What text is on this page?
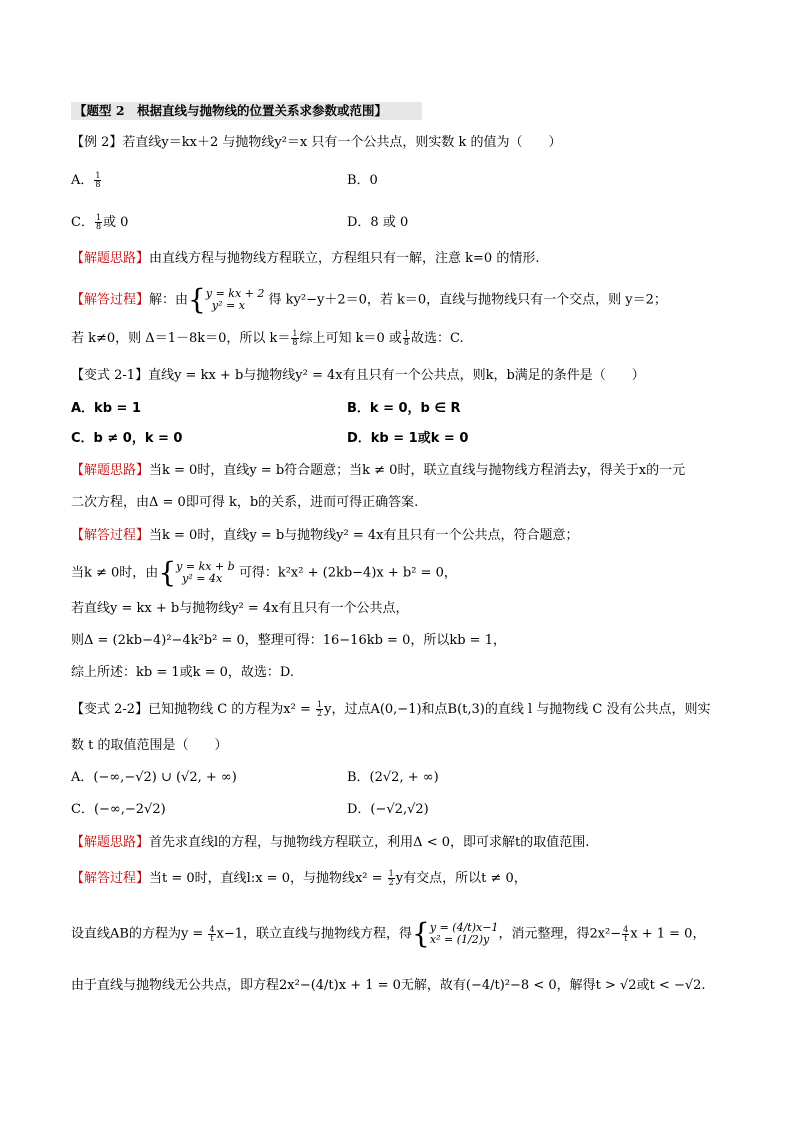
【题型 2　根据直线与抛物线的位置关系求参数或范围】
【例 2】若直线y＝kx＋2 与抛物线y²＝x 只有一个公共点，则实数 k 的值为（　　）
A． $\frac{1}{8}$	B．0
C． $\frac{1}{8}$ 或 0	D．8 或 0
【解题思路】由直线方程与抛物线方程联立，方程组只有一解，注意 k=0 的情形.
【解答过程】解：由{ y = kx + 2
y² = x	得 ky²−y＋2＝0，若 k＝0，直线与抛物线只有一个交点，则 y＝2；
若 k≠0，则 Δ＝1－8k＝0，所以 $k= \frac{1}{8}$ 综上可知 k＝0 或 $\frac{1}{8}$ 故选：C.
【变式 2-1】直线y = kx + b与抛物线y² = 4x有且只有一个公共点，则k，b满足的条件是（　　）
A．kb = 1	B．k = 0，b ∈ R
C．b ≠ 0，k = 0	D．kb = 1或k = 0
【解题思路】当k = 0时，直线y = b符合题意；当k ≠ 0时，联立直线与抛物线方程消去y，得关于x的一元
二次方程，由Δ = 0即可得 k，b的关系，进而可得正确答案.
【解答过程】当k = 0时，直线y = b与抛物线y² = 4x有且只有一个公共点，符合题意；
当k ≠ 0时，由{ y = kx + b
y² = 4x	可得：k²x² + (2kb−4)x + b² = 0，
若直线y = kx + b与抛物线y² = 4x有且只有一个公共点，
则Δ = (2kb−4)²−4k²b² = 0，整理可得：16−16kb = 0，所以kb = 1，
综上所述：kb = 1或k = 0，故选：D.
【变式 2-2】已知抛物线 C 的方程为$x^2 = \frac{1}{2}$ y，过点A(0,−1)和点B(t,3)的直线 l 与抛物线 C 没有公共点，则实
数 t 的取值范围是（　　）
A．(−∞,−√2) ∪ (√2, + ∞)	B．(2√2, + ∞)
C．(−∞,−2√2)	D．(−√2,√2)
【解题思路】首先求直线l的方程，与抛物线方程联立，利用Δ < 0，即可求解t的取值范围.
【解答过程】当t = 0时，直线l:x = 0，与抛物线$x^2 = \frac{1}{2}$ y有交点，所以t ≠ 0，
设直线AB的方程为$y = \frac{4}{t} x-1$，联立直线与抛物线方程，得{ y = (4/t)x−1
x² = (1/2)y ，消元整理，得$2x^2- \frac{4}{t}$ x + 1 = 0，
由于直线与抛物线无公共点，即方程2x²−(4/t)x + 1 = 0无解，故有(−4/t)²−8 < 0，解得t > √2或t < −√2.
